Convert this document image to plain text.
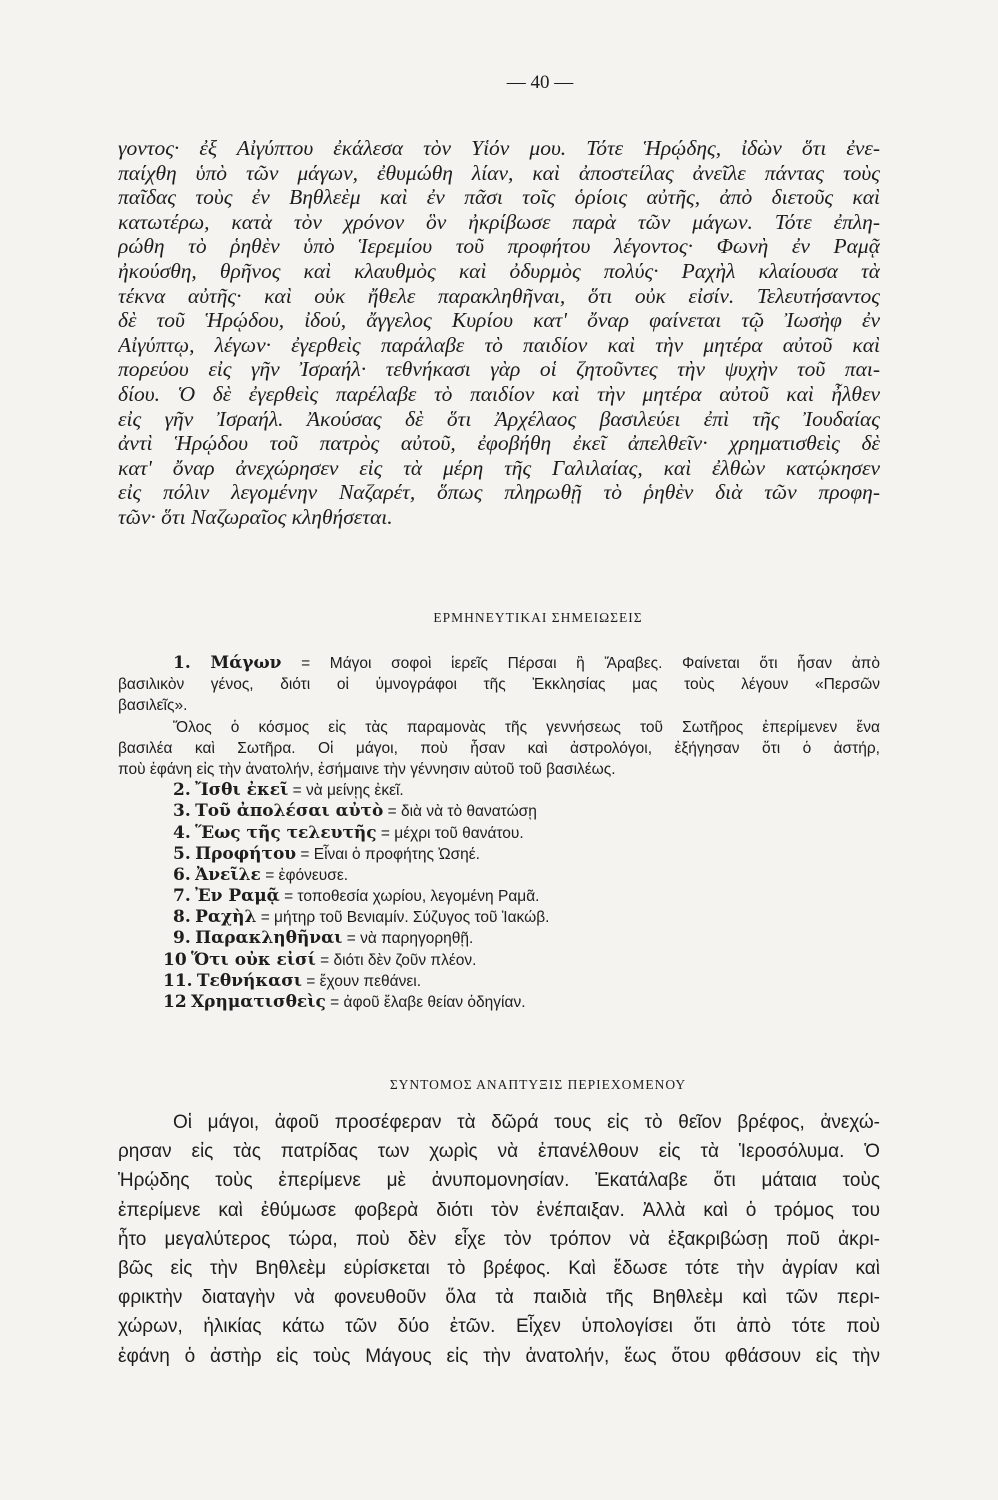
— 40 —
γοντος· ἐξ Αἰγύπτου ἐκάλεσα τὸν Υἱόν μου. Τότε Ἡρῴδης, ἰδὼν ὅτι ἐνε-
παίχθη ὑπὸ τῶν μάγων, ἐθυμώθη λίαν, καὶ ἀποστείλας ἀνεῖλε πάντας τοὺς
παῖδας τοὺς ἐν Βηθλεὲμ καὶ ἐν πᾶσι τοῖς ὁρίοις αὐτῆς, ἀπὸ διετοῦς καὶ
κατωτέρω, κατὰ τὸν χρόνον ὃν ἠκρίβωσε παρὰ τῶν μάγων. Τότε ἐπλη-
ρώθη τὸ ῥηθὲν ὑπὸ Ἱερεμίου τοῦ προφήτου λέγοντος· Φωνὴ ἐν Ραμᾷ
ἠκούσθη, θρῆνος καὶ κλαυθμὸς καὶ ὀδυρμὸς πολύς· Ραχὴλ κλαίουσα τὰ
τέκνα αὐτῆς· καὶ οὐκ ἤθελε παρακληθῆναι, ὅτι οὐκ εἰσίν. Τελευτήσαντος
δὲ τοῦ Ἡρῴδου, ἰδού, ἄγγελος Κυρίου κατ' ὄναρ φαίνεται τῷ Ἰωσὴφ ἐν
Αἰγύπτῳ, λέγων· ἐγερθεὶς παράλαβε τὸ παιδίον καὶ τὴν μητέρα αὐτοῦ καὶ
πορεύου εἰς γῆν Ἰσραήλ· τεθνήκασι γὰρ οἱ ζητοῦντες τὴν ψυχὴν τοῦ παι-
δίου. Ὁ δὲ ἐγερθεὶς παρέλαβε τὸ παιδίον καὶ τὴν μητέρα αὐτοῦ καὶ ἦλθεν
εἰς γῆν Ἰσραήλ. Ἀκούσας δὲ ὅτι Ἀρχέλαος βασιλεύει ἐπὶ τῆς Ἰουδαίας
ἀντὶ Ἡρῴδου τοῦ πατρὸς αὐτοῦ, ἐφοβήθη ἐκεῖ ἀπελθεῖν· χρηματισθεὶς δὲ
κατ' ὄναρ ἀνεχώρησεν εἰς τὰ μέρη τῆς Γαλιλαίας, καὶ ἐλθὼν κατῴκησεν
εἰς πόλιν λεγομένην Ναζαρέτ, ὅπως πληρωθῇ τὸ ῥηθὲν διὰ τῶν προφη-
τῶν· ὅτι Ναζωραῖος κληθήσεται.
ΕΡΜΗΝΕΥΤΙΚΑΙ ΣΗΜΕΙΩΣΕΙΣ
1. Μάγων = Μάγοι σοφοὶ ἱερεῖς Πέρσαι ἢ Ἄραβες. Φαίνεται ὅτι ἦσαν ἀπὸ
βασιλικὸν γένος, διότι οἱ ὑμνογράφοι τῆς Ἐκκλησίας μας τοὺς λέγουν «Περσῶν
βασιλεῖς».
Ὅλος ὁ κόσμος εἰς τὰς παραμονὰς τῆς γεννήσεως τοῦ Σωτῆρος ἐπερίμενεν ἕνα
βασιλέα καὶ Σωτῆρα. Οἱ μάγοι, ποὺ ἦσαν καὶ ἀστρολόγοι, ἐξήγησαν ὅτι ὁ ἀστήρ,
ποὺ ἐφάνη εἰς τὴν ἀνατολήν, ἐσήμαινε τὴν γέννησιν αὐτοῦ τοῦ βασιλέως.
2. Ἴσθι ἐκεῖ = νὰ μείνῃς ἐκεῖ.
3. Τοῦ ἀπολέσαι αὐτὸ = διὰ νὰ τὸ θανατώσῃ
4. Ἕως τῆς τελευτῆς = μέχρι τοῦ θανάτου.
5. Προφήτου = Εἶναι ὁ προφήτης Ὠσηέ.
6. Ἀνεῖλε = ἐφόνευσε.
7. Ἐν Ραμᾷ = τοποθεσία χωρίου, λεγομένη Ραμᾶ.
8. Ραχὴλ = μήτηρ τοῦ Βενιαμίν. Σύζυγος τοῦ Ἰακώβ.
9. Παρακληθῆναι = νὰ παρηγορηθῇ.
10 Ὅτι οὐκ εἰσί = διότι δὲν ζοῦν πλέον.
11. Τεθνήκασι = ἔχουν πεθάνει.
12 Χρηματισθεὶς = ἀφοῦ ἔλαβε θείαν ὁδηγίαν.
ΣΥΝΤΟΜΟΣ ΑΝΑΠΤΥΞΙΣ ΠΕΡΙΕΧΟΜΕΝΟΥ
Οἱ μάγοι, ἀφοῦ προσέφεραν τὰ δῶρά τους εἰς τὸ θεῖον βρέφος, ἀνεχώ-
ρησαν εἰς τὰς πατρίδας των χωρὶς νὰ ἐπανέλθουν εἰς τὰ Ἱεροσόλυμα. Ὁ
Ἡρῴδης τοὺς ἐπερίμενε μὲ ἀνυπομονησίαν. Ἐκατάλαβε ὅτι μάταια τοὺς
ἐπερίμενε καὶ ἐθύμωσε φοβερὰ διότι τὸν ἐνέπαιξαν. Ἀλλὰ καὶ ὁ τρόμος του
ἦτο μεγαλύτερος τώρα, ποὺ δὲν εἶχε τὸν τρόπον νὰ ἐξακριβώσῃ ποῦ ἀκρι-
βῶς εἰς τὴν Βηθλεὲμ εὑρίσκεται τὸ βρέφος. Καὶ ἔδωσε τότε τὴν ἀγρίαν καὶ
φρικτὴν διαταγὴν νὰ φονευθοῦν ὅλα τὰ παιδιὰ τῆς Βηθλεὲμ καὶ τῶν περι-
χώρων, ἡλικίας κάτω τῶν δύο ἐτῶν. Εἶχεν ὑπολογίσει ὅτι ἀπὸ τότε ποὺ
ἐφάνη ὁ ἀστὴρ εἰς τοὺς Μάγους εἰς τὴν ἀνατολήν, ἕως ὅτου φθάσουν εἰς τὴν
